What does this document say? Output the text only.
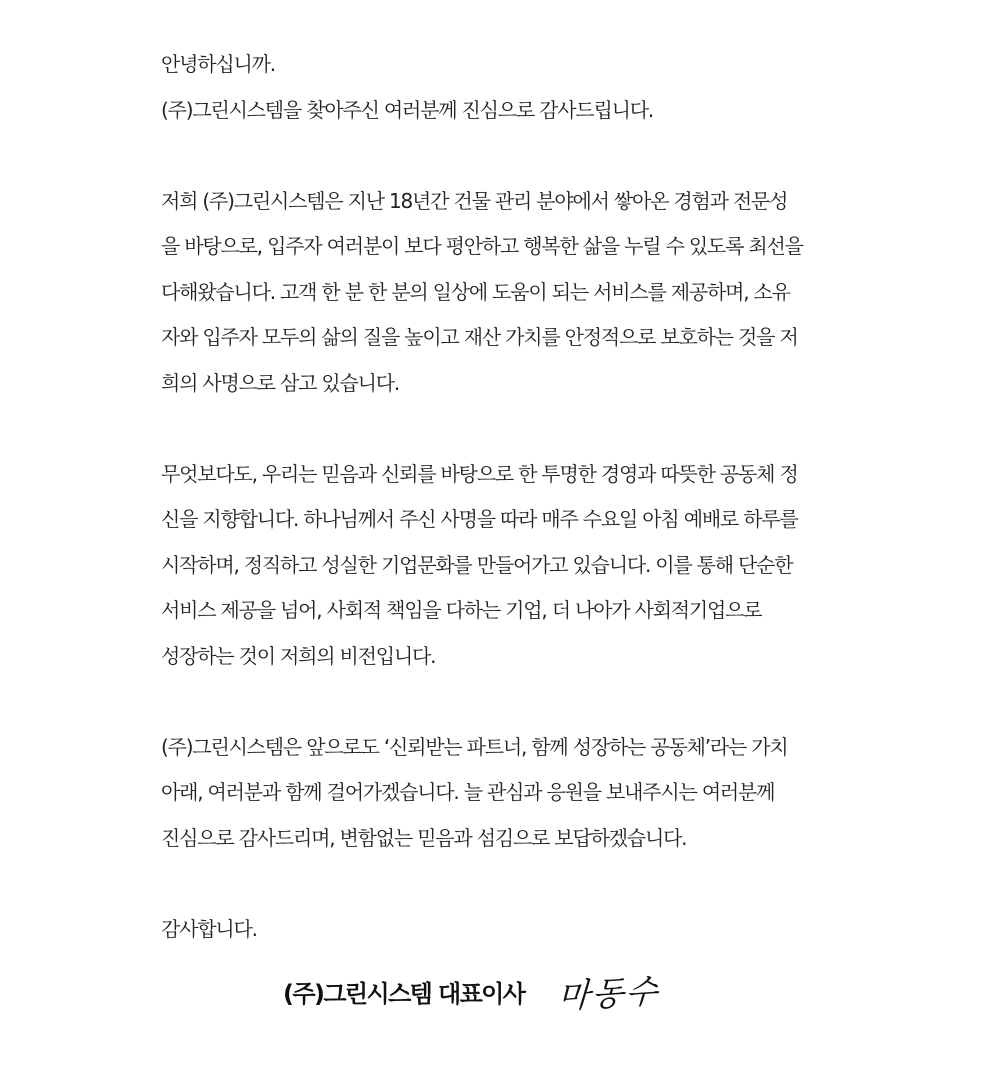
안녕하십니까.
(주)그린시스템을 찾아주신 여러분께 진심으로 감사드립니다.
저희 (주)그린시스템은 지난 18년간 건물 관리 분야에서 쌓아온 경험과 전문성
을 바탕으로, 입주자 여러분이 보다 평안하고 행복한 삶을 누릴 수 있도록 최선을
다해왔습니다. 고객 한 분 한 분의 일상에 도움이 되는 서비스를 제공하며, 소유
자와 입주자 모두의 삶의 질을 높이고 재산 가치를 안정적으로 보호하는 것을 저
희의 사명으로 삼고 있습니다.
무엇보다도, 우리는 믿음과 신뢰를 바탕으로 한 투명한 경영과 따뜻한 공동체 정
신을 지향합니다. 하나님께서 주신 사명을 따라 매주 수요일 아침 예배로 하루를
시작하며, 정직하고 성실한 기업문화를 만들어가고 있습니다. 이를 통해 단순한
서비스 제공을 넘어, 사회적 책임을 다하는 기업, 더 나아가 사회적기업으로
성장하는 것이 저희의 비전입니다.
(주)그린시스템은 앞으로도 ‘신뢰받는 파트너, 함께 성장하는 공동체’라는 가치
아래, 여러분과 함께 걸어가겠습니다. 늘 관심과 응원을 보내주시는 여러분께
진심으로 감사드리며, 변함없는 믿음과 섬김으로 보답하겠습니다.
감사합니다.
(주)그린시스템 대표이사 마동수
